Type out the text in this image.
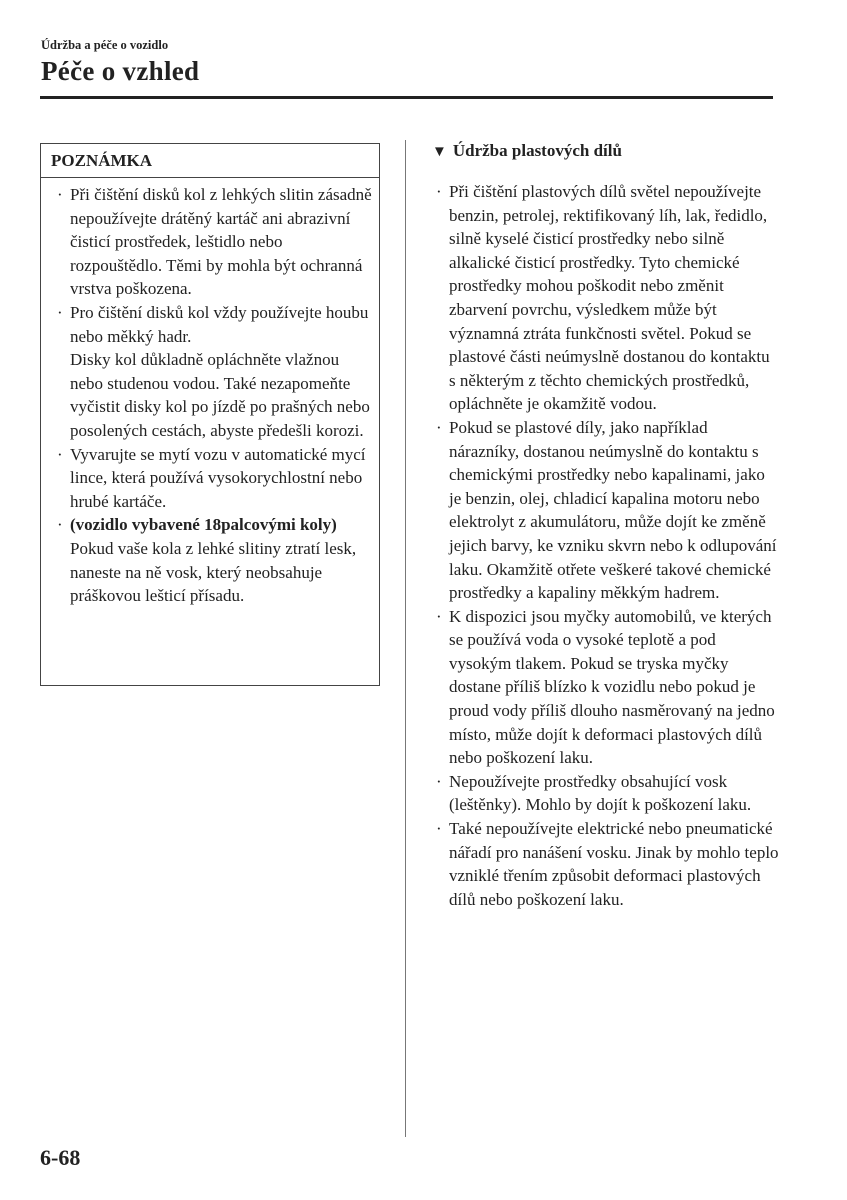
Údržba a péče o vozidlo
Péče o vzhled
POZNÁMKA
· Při čištění disků kol z lehkých slitin zásadně nepoužívejte drátěný kartáč ani abrazivní čisticí prostředek, leštidlo nebo rozpouštědlo. Těmi by mohla být ochranná vrstva poškozena.

· Pro čištění disků kol vždy používejte houbu nebo měkký hadr.

Disky kol důkladně opláchněte vlažnou nebo studenou vodou. Také nezapomeňte vyčistit disky kol po jízdě po prašných nebo posolených cestách, abyste předešli korozi.

· Vyvarujte se mytí vozu v automatické mycí lince, která používá vysokorychlostní nebo hrubé kartáče.

· (vozidlo vybavené 18palcovými koly)

Pokud vaše kola z lehké slitiny ztratí lesk, naneste na ně vosk, který neobsahuje práškovou lešticí přísadu.

▼ Údržba plastových dílů
· Při čištění plastových dílů světel nepoužívejte benzin, petrolej, rektifikovaný líh, lak, ředidlo, silně kyselé čisticí prostředky nebo silně alkalické čisticí prostředky. Tyto chemické prostředky mohou poškodit nebo změnit zbarvení povrchu, výsledkem může být významná ztráta funkčnosti světel. Pokud se plastové části neúmyslně dostanou do kontaktu s některým z těchto chemických prostředků, opláchněte je okamžitě vodou.

· Pokud se plastové díly, jako například nárazníky, dostanou neúmyslně do kontaktu s chemickými prostředky nebo kapalinami, jako je benzin, olej, chladicí kapalina motoru nebo elektrolyt z akumulátoru, může dojít ke změně jejich barvy, ke vzniku skvrn nebo k odlupování laku. Okamžitě otřete veškeré takové chemické prostředky a kapaliny měkkým hadrem.

· K dispozici jsou myčky automobilů, ve kterých se používá voda o vysoké teplotě a pod vysokým tlakem. Pokud se tryska myčky dostane příliš blízko k vozidlu nebo pokud je proud vody příliš dlouho nasměrovaný na jedno místo, může dojít k deformaci plastových dílů nebo poškození laku.

· Nepoužívejte prostředky obsahující vosk (leštěnky). Mohlo by dojít k poškození laku.

· Také nepoužívejte elektrické nebo pneumatické nářadí pro nanášení vosku. Jinak by mohlo teplo vzniklé třením způsobit deformaci plastových dílů nebo poškození laku.

6-68
